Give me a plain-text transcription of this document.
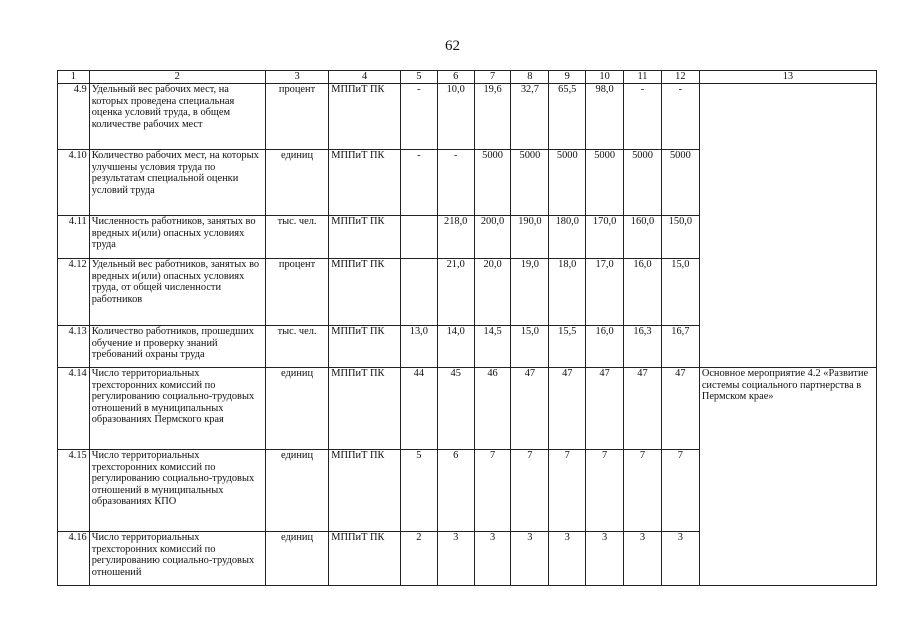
62
1	2	3	4	5	6	7	8	9	10	11	12	13
4.9	Удельный вес рабочих мест, на которых проведена специальная оценка условий труда, в общем количестве рабочих мест	процент	МППиТ ПК	-	10,0	19,6	32,7	65,5	98,0	-	-	
4.10	Количество рабочих мест, на которых улучшены условия труда по результатам специальной оценки условий труда	единиц	МППиТ ПК	-	-	5000	5000	5000	5000	5000	5000	
4.11	Численность работников, занятых во вредных и(или) опасных условиях труда	тыс. чел.	МППиТ ПК		218,0	200,0	190,0	180,0	170,0	160,0	150,0	
4.12	Удельный вес работников, занятых во вредных и(или) опасных условиях труда, от общей численности работников	процент	МППиТ ПК		21,0	20,0	19,0	18,0	17,0	16,0	15,0	
4.13	Количество работников, прошедших обучение и проверку знаний требований охраны труда	тыс. чел.	МППиТ ПК	13,0	14,0	14,5	15,0	15,5	16,0	16,3	16,7	
4.14	Число территориальных трехсторонних комиссий по регулированию социально-трудовых отношений в муниципальных образованиях Пермского края	единиц	МППиТ ПК	44	45	46	47	47	47	47	47	Основное мероприятие 4.2 «Развитие системы социального партнерства в Пермском крае»
4.15	Число территориальных трехсторонних комиссий по регулированию социально-трудовых отношений в муниципальных образованиях КПО	единиц	МППиТ ПК	5	6	7	7	7	7	7	7	
4.16	Число территориальных трехсторонних комиссий по регулированию социально-трудовых отношений	единиц	МППиТ ПК	2	3	3	3	3	3	3	3	
